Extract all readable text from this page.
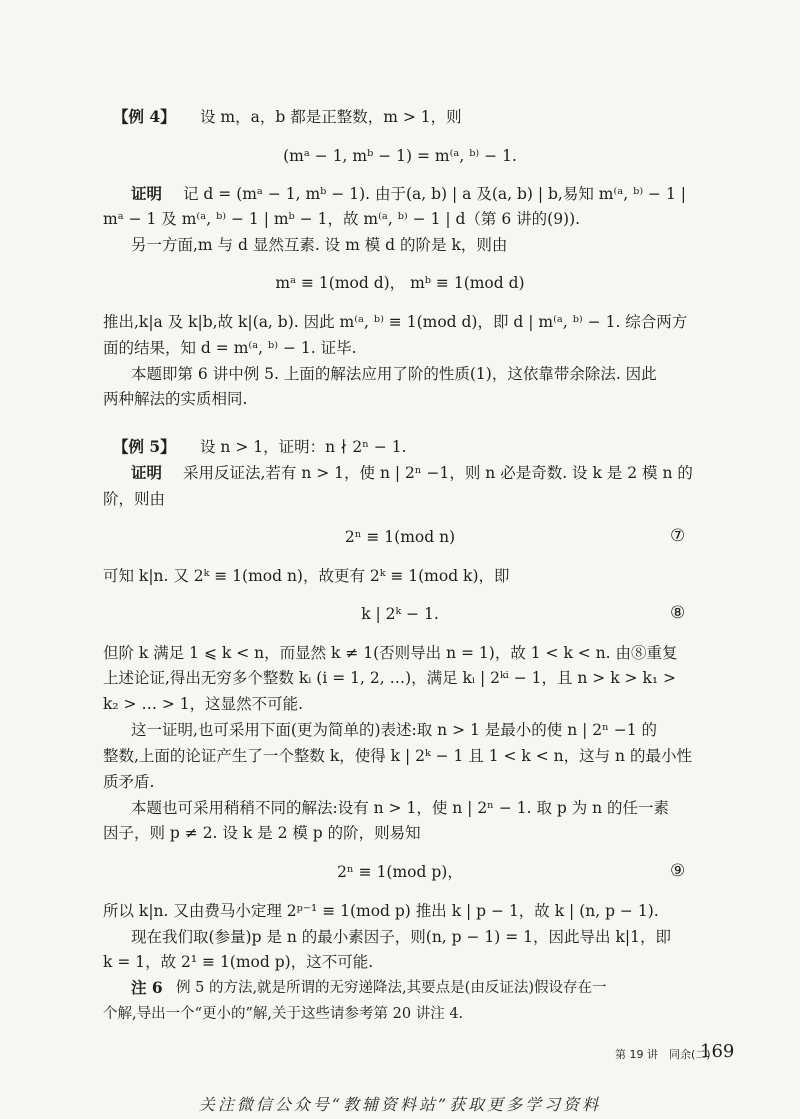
【例 4】	设 m，a，b 都是正整数，m > 1，则
(mᵃ − 1, mᵇ − 1) = m⁽ᵃ, ᵇ⁾ − 1.
证明	记 d = (mᵃ − 1, mᵇ − 1). 由于(a, b) | a 及(a, b) | b,易知 m⁽ᵃ, ᵇ⁾ − 1 |
mᵃ − 1 及 m⁽ᵃ, ᵇ⁾ − 1 | mᵇ − 1，故 m⁽ᵃ, ᵇ⁾ − 1 | d（第 6 讲的(9)).
另一方面,m 与 d 显然互素. 设 m 模 d 的阶是 k，则由
mᵃ ≡ 1(mod d)， mᵇ ≡ 1(mod d)
推出,k|a 及 k|b,故 k|(a, b). 因此 m⁽ᵃ, ᵇ⁾ ≡ 1(mod d)，即 d | m⁽ᵃ, ᵇ⁾ − 1. 综合两方
面的结果，知 d = m⁽ᵃ, ᵇ⁾ − 1. 证毕.
本题即第 6 讲中例 5. 上面的解法应用了阶的性质(1)，这依靠带余除法. 因此
两种解法的实质相同.
【例 5】	设 n > 1，证明：n ∤ 2ⁿ − 1.
证明	采用反证法,若有 n > 1，使 n | 2ⁿ −1，则 n 必是奇数. 设 k 是 2 模 n 的
阶，则由
2ⁿ ≡ 1(mod n)	⑦
可知 k|n. 又 2ᵏ ≡ 1(mod n)，故更有 2ᵏ ≡ 1(mod k)，即
k | 2ᵏ − 1.	⑧
但阶 k 满足 1 ⩽ k < n，而显然 k ≠ 1(否则导出 n = 1)，故 1 < k < n. 由⑧重复
上述论证,得出无穷多个整数 kᵢ (i = 1, 2, …)，满足 kᵢ | 2ᵏⁱ − 1，且 n > k > k₁ >
k₂ > … > 1，这显然不可能.
这一证明,也可采用下面(更为简单的)表述:取 n > 1 是最小的使 n | 2ⁿ −1 的
整数,上面的论证产生了一个整数 k，使得 k | 2ᵏ − 1 且 1 < k < n，这与 n 的最小性
质矛盾.
本题也可采用稍稍不同的解法:设有 n > 1，使 n | 2ⁿ − 1. 取 p 为 n 的任一素
因子，则 p ≠ 2. 设 k 是 2 模 p 的阶，则易知
2ⁿ ≡ 1(mod p)，	⑨
所以 k|n. 又由费马小定理 2ᵖ⁻¹ ≡ 1(mod p) 推出 k | p − 1，故 k | (n, p − 1).
现在我们取(参量)p 是 n 的最小素因子，则(n, p − 1) = 1，因此导出 k|1，即
k = 1，故 2¹ ≡ 1(mod p)，这不可能.
注 6 例 5 的方法,就是所谓的无穷递降法,其要点是(由反证法)假设存在一
个解,导出一个“更小的”解,关于这些请参考第 20 讲注 4.
第 19 讲　同余(二)
169
关注微信公众号“教辅资料站”获取更多学习资料
